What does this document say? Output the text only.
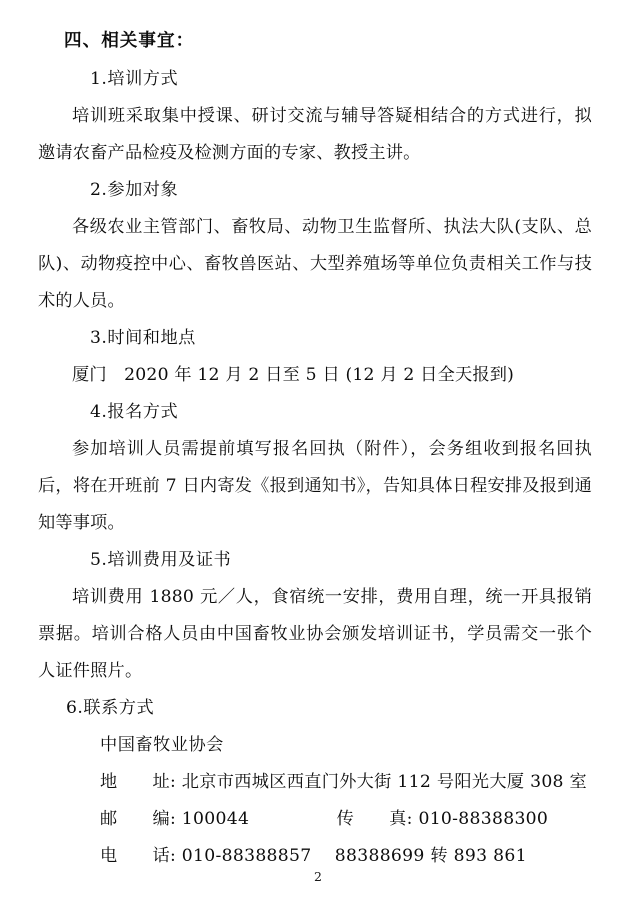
四、相关事宜：

1.培训方式

培训班采取集中授课、研讨交流与辅导答疑相结合的方式进行，拟邀请农畜产品检疫及检测方面的专家、教授主讲。

2.参加对象

各级农业主管部门、畜牧局、动物卫生监督所、执法大队(支队、总队)、动物疫控中心、畜牧兽医站、大型养殖场等单位负责相关工作与技术的人员。

3.时间和地点

厦门　2020 年 12 月 2 日至 5 日 (12 月 2 日全天报到)

4.报名方式

参加培训人员需提前填写报名回执（附件），会务组收到报名回执后，将在开班前 7 日内寄发《报到通知书》，告知具体日程安排及报到通知等事项。

5.培训费用及证书

培训费用 1880 元／人，食宿统一安排，费用自理，统一开具报销票据。培训合格人员由中国畜牧业协会颁发培训证书，学员需交一张个人证件照片。

6.联系方式

中国畜牧业协会

地　　址: 北京市西城区西直门外大街 112 号阳光大厦 308 室

邮　　编: 100044　　　　　传　　真: 010-88388300

电　　话: 010-88388857　 88388699 转 893 861

2
